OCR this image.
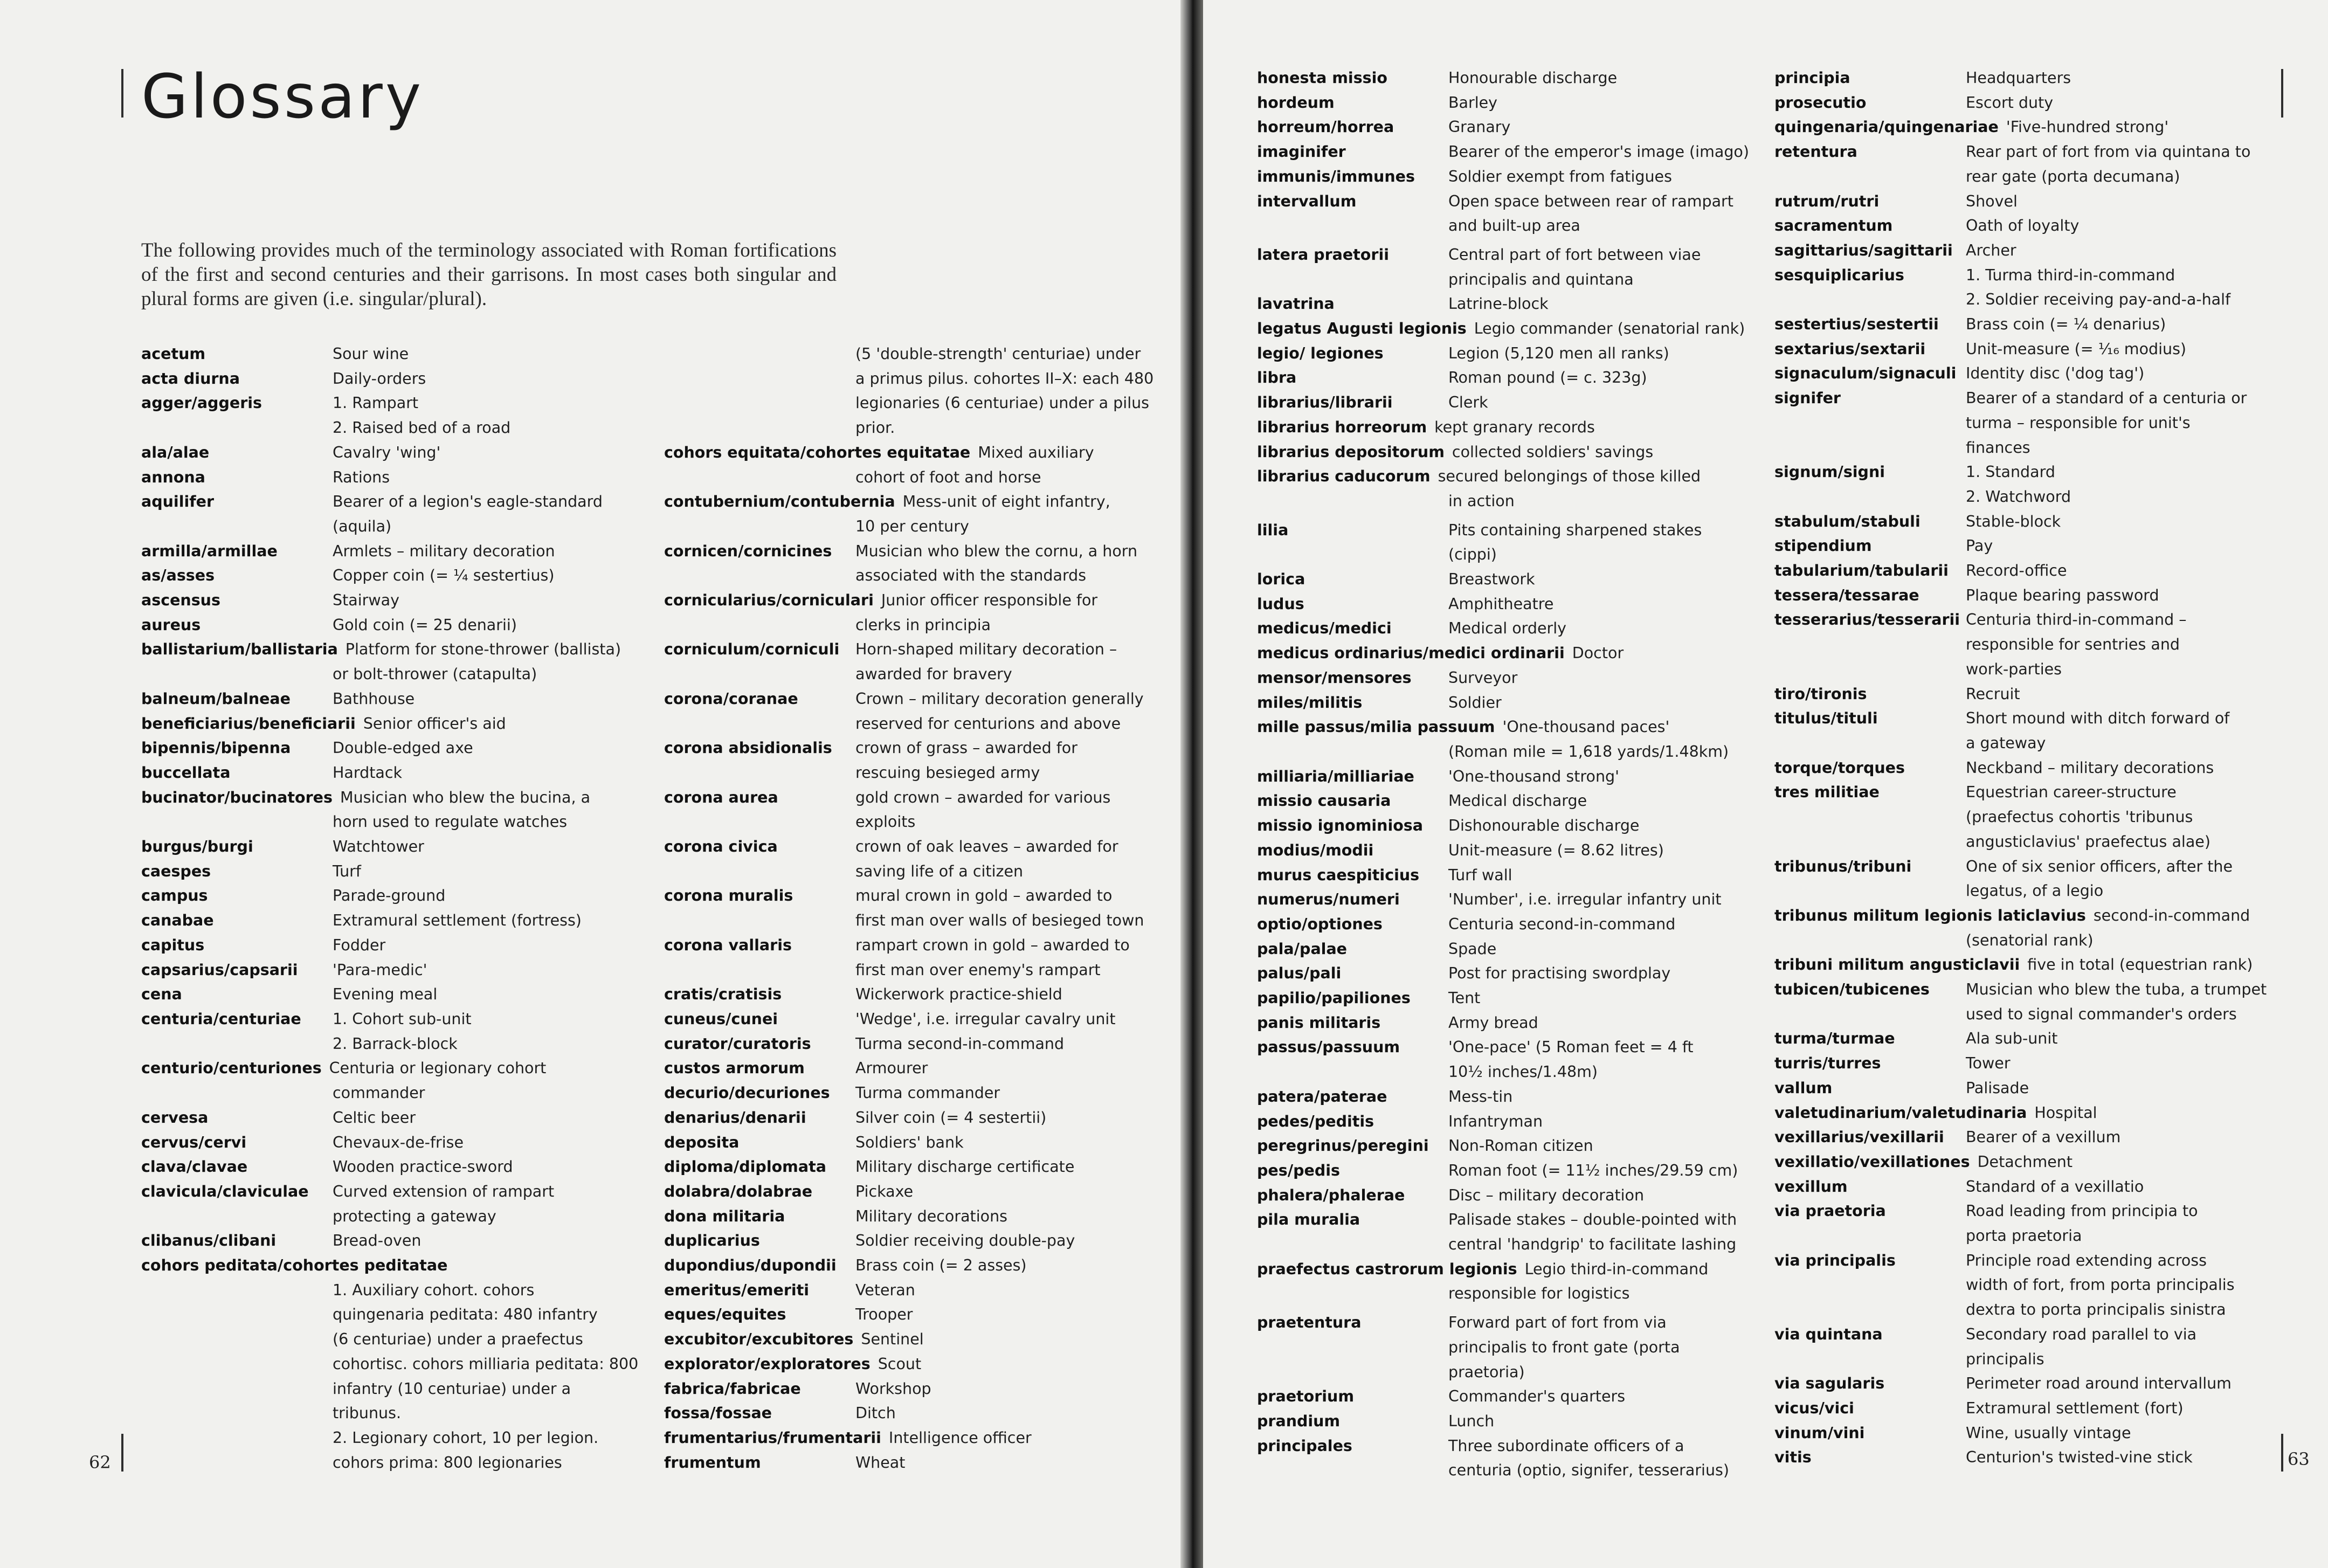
Glossary

The following provides much of the terminology associated with Roman fortifications of the first and second centuries and their garrisons. In most cases both singular and plural forms are given (i.e. singular/plural).

acetum	Sour wine
acta diurna	Daily-orders
agger/aggeris	1. Rampart
2. Raised bed of a road
ala/alae	Cavalry 'wing'
annona	Rations
aquilifer	Bearer of a legion's eagle-standard
(aquila)
armilla/armillae	Armlets – military decoration
as/asses	Copper coin (= ¼ sestertius)
ascensus	Stairway
aureus	Gold coin (= 25 denarii)
ballistarium/ballistaria Platform for stone-thrower (ballista)
or bolt-thrower (catapulta)
balneum/balneae	Bathhouse
beneficiarius/beneficiarii Senior officer's aid
bipennis/bipenna	Double-edged axe
buccellata	Hardtack
bucinator/bucinatores Musician who blew the bucina, a
horn used to regulate watches
burgus/burgi	Watchtower
caespes	Turf
campus	Parade-ground
canabae	Extramural settlement (fortress)
capitus	Fodder
capsarius/capsarii	'Para-medic'
cena	Evening meal
centuria/centuriae	1. Cohort sub-unit
2. Barrack-block
centurio/centuriones Centuria or legionary cohort
commander
cervesa	Celtic beer
cervus/cervi	Chevaux-de-frise
clava/clavae	Wooden practice-sword
clavicula/claviculae	Curved extension of rampart
protecting a gateway
clibanus/clibani	Bread-oven
cohors peditata/cohortes peditatae

1. Auxiliary cohort. cohors
quingenaria peditata: 480 infantry
(6 centuriae) under a praefectus
cohortisc. cohors milliaria peditata: 800
infantry (10 centuriae) under a
tribunus.
2. Legionary cohort, 10 per legion.
cohors prima: 800 legionaries
(5 'double-strength' centuriae) under
a primus pilus. cohortes II–X: each 480
legionaries (6 centuriae) under a pilus
prior.
cohors equitata/cohortes equitatae Mixed auxiliary
cohort of foot and horse
contubernium/contubernia Mess-unit of eight infantry,
10 per century
cornicen/cornicines	Musician who blew the cornu, a horn
associated with the standards
cornicularius/corniculari Junior officer responsible for
clerks in principia
corniculum/corniculi	Horn-shaped military decoration –
awarded for bravery
corona/coranae	Crown – military decoration generally
reserved for centurions and above
corona absidionalis	crown of grass – awarded for
rescuing besieged army
corona aurea	gold crown – awarded for various
exploits
corona civica	crown of oak leaves – awarded for
saving life of a citizen
corona muralis	mural crown in gold – awarded to
first man over walls of besieged town
corona vallaris	rampart crown in gold – awarded to
first man over enemy's rampart
cratis/cratisis	Wickerwork practice-shield
cuneus/cunei	'Wedge', i.e. irregular cavalry unit
curator/curatoris	Turma second-in-command
custos armorum	Armourer
decurio/decuriones	Turma commander
denarius/denarii	Silver coin (= 4 sestertii)
deposita	Soldiers' bank
diploma/diplomata	Military discharge certificate
dolabra/dolabrae	Pickaxe
dona militaria	Military decorations
duplicarius	Soldier receiving double-pay
dupondius/dupondii	Brass coin (= 2 asses)
emeritus/emeriti	Veteran
eques/equites	Trooper
excubitor/excubitores Sentinel
explorator/exploratores Scout
fabrica/fabricae	Workshop
fossa/fossae	Ditch
frumentarius/frumentarii Intelligence officer
frumentum	Wheat
62
honesta missio	Honourable discharge
hordeum	Barley
horreum/horrea	Granary
imaginifer	Bearer of the emperor's image (imago)
immunis/immunes	Soldier exempt from fatigues
intervallum	Open space between rear of rampart
and built-up area
latera praetorii	Central part of fort between viae
principalis and quintana
lavatrina	Latrine-block
legatus Augusti legionis Legio commander (senatorial rank)
legio/ legiones	Legion (5,120 men all ranks)
libra	Roman pound (= c. 323g)
librarius/librarii	Clerk
librarius horreorum kept granary records
librarius depositorum collected soldiers' savings
librarius caducorum secured belongings of those killed
in action
lilia	Pits containing sharpened stakes
(cippi)
lorica	Breastwork
ludus	Amphitheatre
medicus/medici	Medical orderly
medicus ordinarius/medici ordinarii Doctor
mensor/mensores	Surveyor
miles/militis	Soldier
mille passus/milia passuum 'One-thousand paces'
(Roman mile = 1,618 yards/1.48km)
milliaria/milliariae	'One-thousand strong'
missio causaria	Medical discharge
missio ignominiosa	Dishonourable discharge
modius/modii	Unit-measure (= 8.62 litres)
murus caespiticius	Turf wall
numerus/numeri	'Number', i.e. irregular infantry unit
optio/optiones	Centuria second-in-command
pala/palae	Spade
palus/pali	Post for practising swordplay
papilio/papiliones	Tent
panis militaris	Army bread
passus/passuum	'One-pace' (5 Roman feet = 4 ft
10½ inches/1.48m)
patera/paterae	Mess-tin
pedes/peditis	Infantryman
peregrinus/peregini	Non-Roman citizen
pes/pedis	Roman foot (= 11½ inches/29.59 cm)
phalera/phalerae	Disc – military decoration
pila muralia	Palisade stakes – double-pointed with
central 'handgrip' to facilitate lashing
praefectus castrorum legionis Legio third-in-command
responsible for logistics
praetentura	Forward part of fort from via
principalis to front gate (porta praetoria)
praetorium	Commander's quarters
prandium	Lunch
principales	Three subordinate officers of a
centuria (optio, signifer, tesserarius)
principia	Headquarters
prosecutio	Escort duty
quingenaria/quingenariae 'Five-hundred strong'
retentura	Rear part of fort from via quintana to
rear gate (porta decumana)
rutrum/rutri	Shovel
sacramentum	Oath of loyalty
sagittarius/sagittarii Archer
sesquiplicarius	1. Turma third-in-command
2. Soldier receiving pay-and-a-half
sestertius/sestertii	Brass coin (= ¼ denarius)
sextarius/sextarii	Unit-measure (= ¹⁄₁₆ modius)
signaculum/signaculi Identity disc ('dog tag')
signifer	Bearer of a standard of a centuria or
turma – responsible for unit's
finances
signum/signi	1. Standard
2. Watchword
stabulum/stabuli	Stable-block
stipendium	Pay
tabularium/tabularii	Record-office
tessera/tessarae	Plaque bearing password
tesserarius/tesserarii Centuria third-in-command –
responsible for sentries and
work-parties
tiro/tironis	Recruit
titulus/tituli	Short mound with ditch forward of
a gateway
torque/torques	Neckband – military decorations
tres militiae	Equestrian career-structure
(praefectus cohortis 'tribunus
angusticlavius' praefectus alae)
tribunus/tribuni	One of six senior officers, after the
legatus, of a legio
tribunus militum legionis laticlavius second-in-command
(senatorial rank)
tribuni militum angusticlavii five in total (equestrian rank)
tubicen/tubicenes	Musician who blew the tuba, a trumpet
used to signal commander's orders
turma/turmae	Ala sub-unit
turris/turres	Tower
vallum	Palisade
valetudinarium/valetudinaria Hospital
vexillarius/vexillarii	Bearer of a vexillum
vexillatio/vexillationes Detachment
vexillum	Standard of a vexillatio
via praetoria	Road leading from principia to
porta praetoria
via principalis	Principle road extending across
width of fort, from porta principalis
dextra to porta principalis sinistra
via quintana	Secondary road parallel to via principalis
via sagularis	Perimeter road around intervallum
vicus/vici	Extramural settlement (fort)
vinum/vini	Wine, usually vintage
vitis	Centurion's twisted-vine stick	63
